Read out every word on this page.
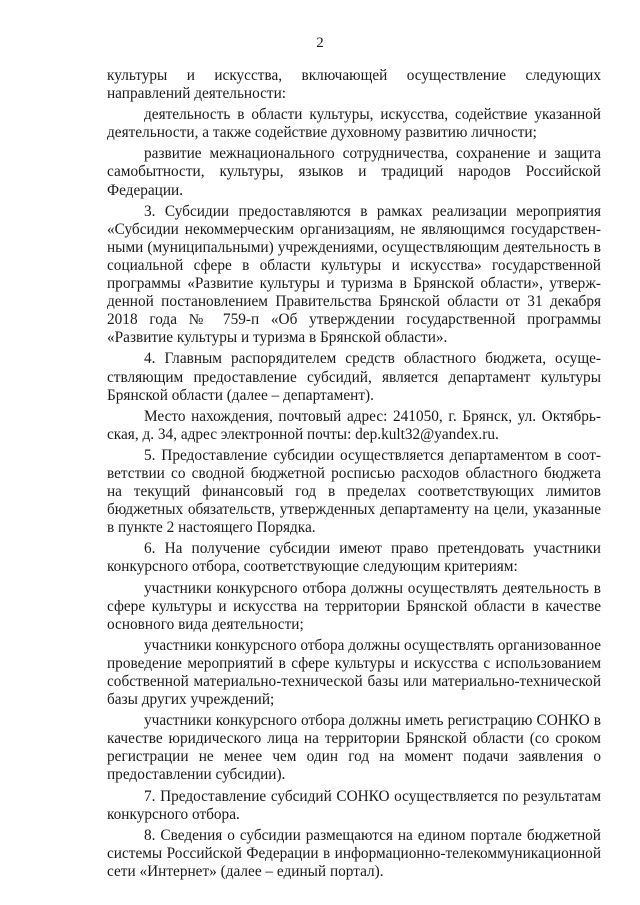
2

культуры и искусства, включающей осуществление следующих направлений деятельности:

деятельность в области культуры, искусства, содействие указанной деятельности, а также содействие духовному развитию личности;

развитие межнационального сотрудничества, сохранение и защита самобытности, культуры, языков и традиций народов Российской Федерации.

3. Субсидии предоставляются в рамках реализации мероприятия «Субсидии некоммерческим организациям, не являющимся государственными (муниципальными) учреждениями, осуществляющим деятельность в социальной сфере в области культуры и искусства» государственной программы «Развитие культуры и туризма в Брянской области», утвержденной постановлением Правительства Брянской области от 31 декабря 2018 года № 759-п «Об утверждении государственной программы «Развитие культуры и туризма в Брянской области».

4. Главным распорядителем средств областного бюджета, осуществляющим предоставление субсидий, является департамент культуры Брянской области (далее – департамент).

Место нахождения, почтовый адрес: 241050, г. Брянск, ул. Октябрьская, д. 34, адрес электронной почты: dep.kult32@yandex.ru.

5. Предоставление субсидии осуществляется департаментом в соответствии со сводной бюджетной росписью расходов областного бюджета на текущий финансовый год в пределах соответствующих лимитов бюджетных обязательств, утвержденных департаменту на цели, указанные в пункте 2 настоящего Порядка.

6. На получение субсидии имеют право претендовать участники конкурсного отбора, соответствующие следующим критериям:

участники конкурсного отбора должны осуществлять деятельность в сфере культуры и искусства на территории Брянской области в качестве основного вида деятельности;

участники конкурсного отбора должны осуществлять организованное проведение мероприятий в сфере культуры и искусства с использованием собственной материально-технической базы или материально-технической базы других учреждений;

участники конкурсного отбора должны иметь регистрацию СОНКО в качестве юридического лица на территории Брянской области (со сроком регистрации не менее чем один год на момент подачи заявления о предоставлении субсидии).

7. Предоставление субсидий СОНКО осуществляется по результатам конкурсного отбора.

8. Сведения о субсидии размещаются на едином портале бюджетной системы Российской Федерации в информационно-телекоммуникационной сети «Интернет» (далее – единый портал).
